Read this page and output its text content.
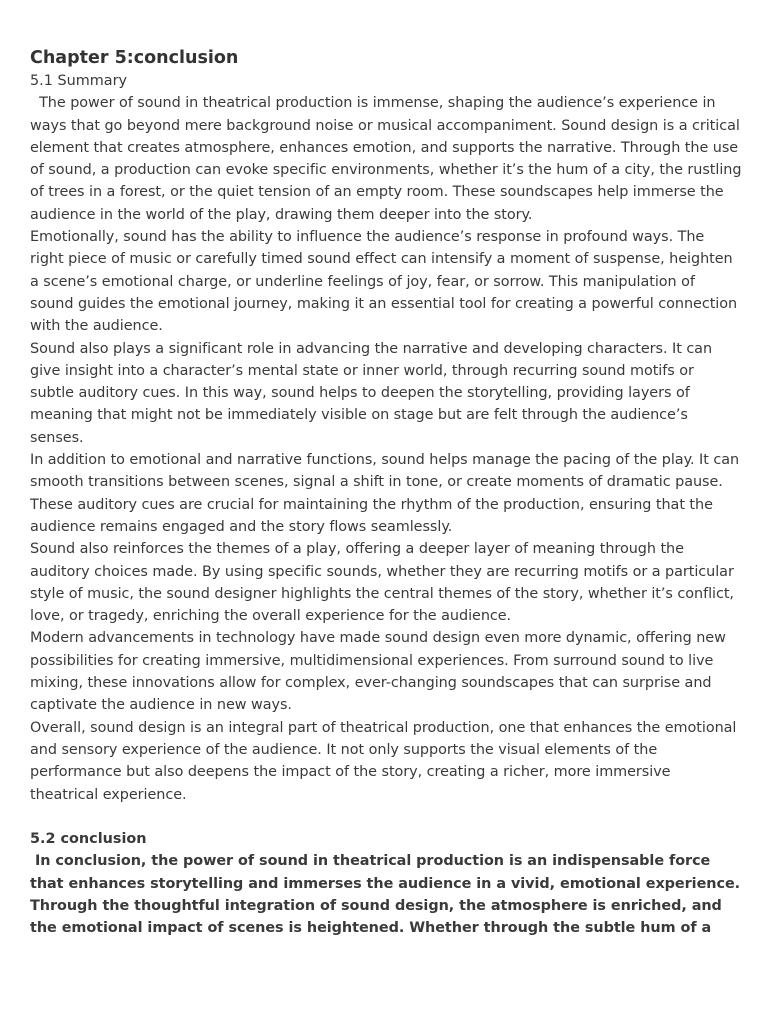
Chapter 5:conclusion
5.1 Summary

The power of sound in theatrical production is immense, shaping the audience’s experience in ways that go beyond mere background noise or musical accompaniment. Sound design is a critical element that creates atmosphere, enhances emotion, and supports the narrative. Through the use of sound, a production can evoke specific environments, whether it’s the hum of a city, the rustling of trees in a forest, or the quiet tension of an empty room. These soundscapes help immerse the audience in the world of the play, drawing them deeper into the story.

Emotionally, sound has the ability to influence the audience’s response in profound ways. The right piece of music or carefully timed sound effect can intensify a moment of suspense, heighten a scene’s emotional charge, or underline feelings of joy, fear, or sorrow. This manipulation of sound guides the emotional journey, making it an essential tool for creating a powerful connection with the audience.

Sound also plays a significant role in advancing the narrative and developing characters. It can give insight into a character’s mental state or inner world, through recurring sound motifs or subtle auditory cues. In this way, sound helps to deepen the storytelling, providing layers of meaning that might not be immediately visible on stage but are felt through the audience’s senses.

In addition to emotional and narrative functions, sound helps manage the pacing of the play. It can smooth transitions between scenes, signal a shift in tone, or create moments of dramatic pause. These auditory cues are crucial for maintaining the rhythm of the production, ensuring that the audience remains engaged and the story flows seamlessly.

Sound also reinforces the themes of a play, offering a deeper layer of meaning through the auditory choices made. By using specific sounds, whether they are recurring motifs or a particular style of music, the sound designer highlights the central themes of the story, whether it’s conflict, love, or tragedy, enriching the overall experience for the audience.

Modern advancements in technology have made sound design even more dynamic, offering new possibilities for creating immersive, multidimensional experiences. From surround sound to live mixing, these innovations allow for complex, ever-changing soundscapes that can surprise and captivate the audience in new ways.

Overall, sound design is an integral part of theatrical production, one that enhances the emotional and sensory experience of the audience. It not only supports the visual elements of the performance but also deepens the impact of the story, creating a richer, more immersive theatrical experience.

5.2 conclusion

In conclusion, the power of sound in theatrical production is an indispensable force that enhances storytelling and immerses the audience in a vivid, emotional experience. Through the thoughtful integration of sound design, the atmosphere is enriched, and the emotional impact of scenes is heightened. Whether through the subtle hum of a
